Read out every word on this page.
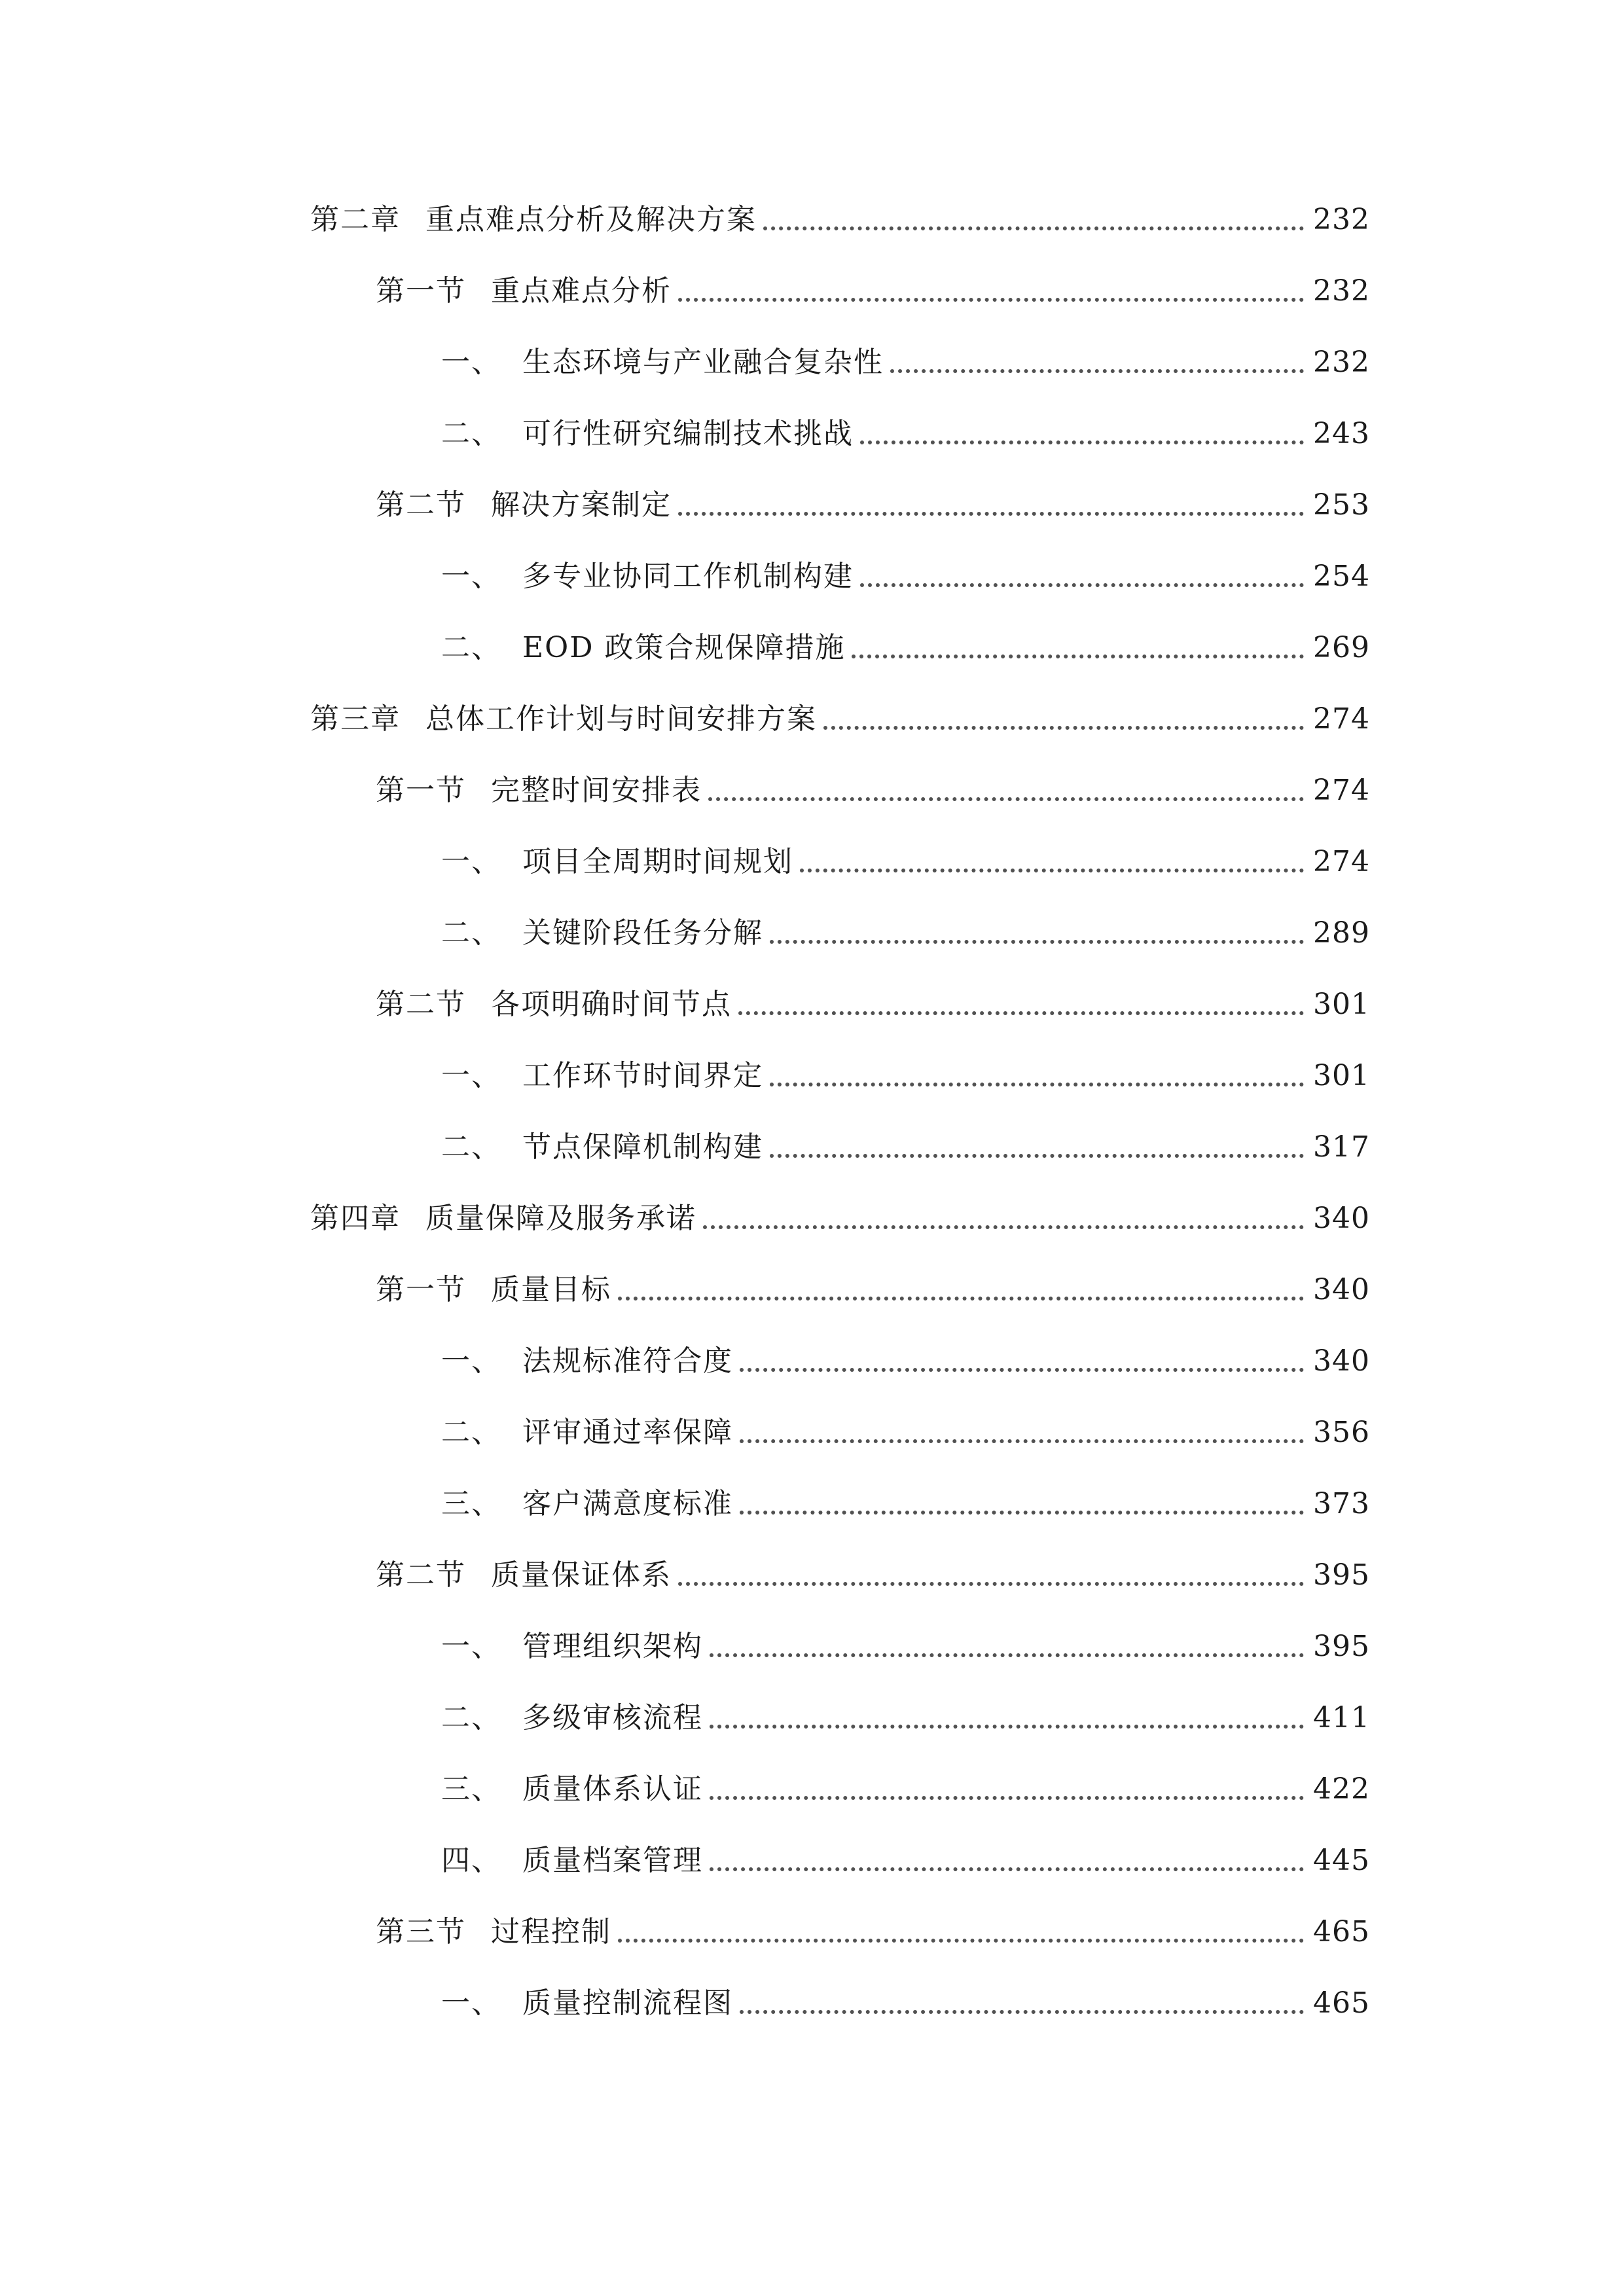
第二章 重点难点分析及解决方案	232
第一节 重点难点分析	232
一、 生态环境与产业融合复杂性	232
二、 可行性研究编制技术挑战	243
第二节 解决方案制定	253
一、 多专业协同工作机制构建	254
二、 EOD 政策合规保障措施	269
第三章 总体工作计划与时间安排方案	274
第一节 完整时间安排表	274
一、 项目全周期时间规划	274
二、 关键阶段任务分解	289
第二节 各项明确时间节点	301
一、 工作环节时间界定	301
二、 节点保障机制构建	317
第四章 质量保障及服务承诺	340
第一节 质量目标	340
一、 法规标准符合度	340
二、 评审通过率保障	356
三、 客户满意度标准	373
第二节 质量保证体系	395
一、 管理组织架构	395
二、 多级审核流程	411
三、 质量体系认证	422
四、 质量档案管理	445
第三节 过程控制	465
一、 质量控制流程图	465
